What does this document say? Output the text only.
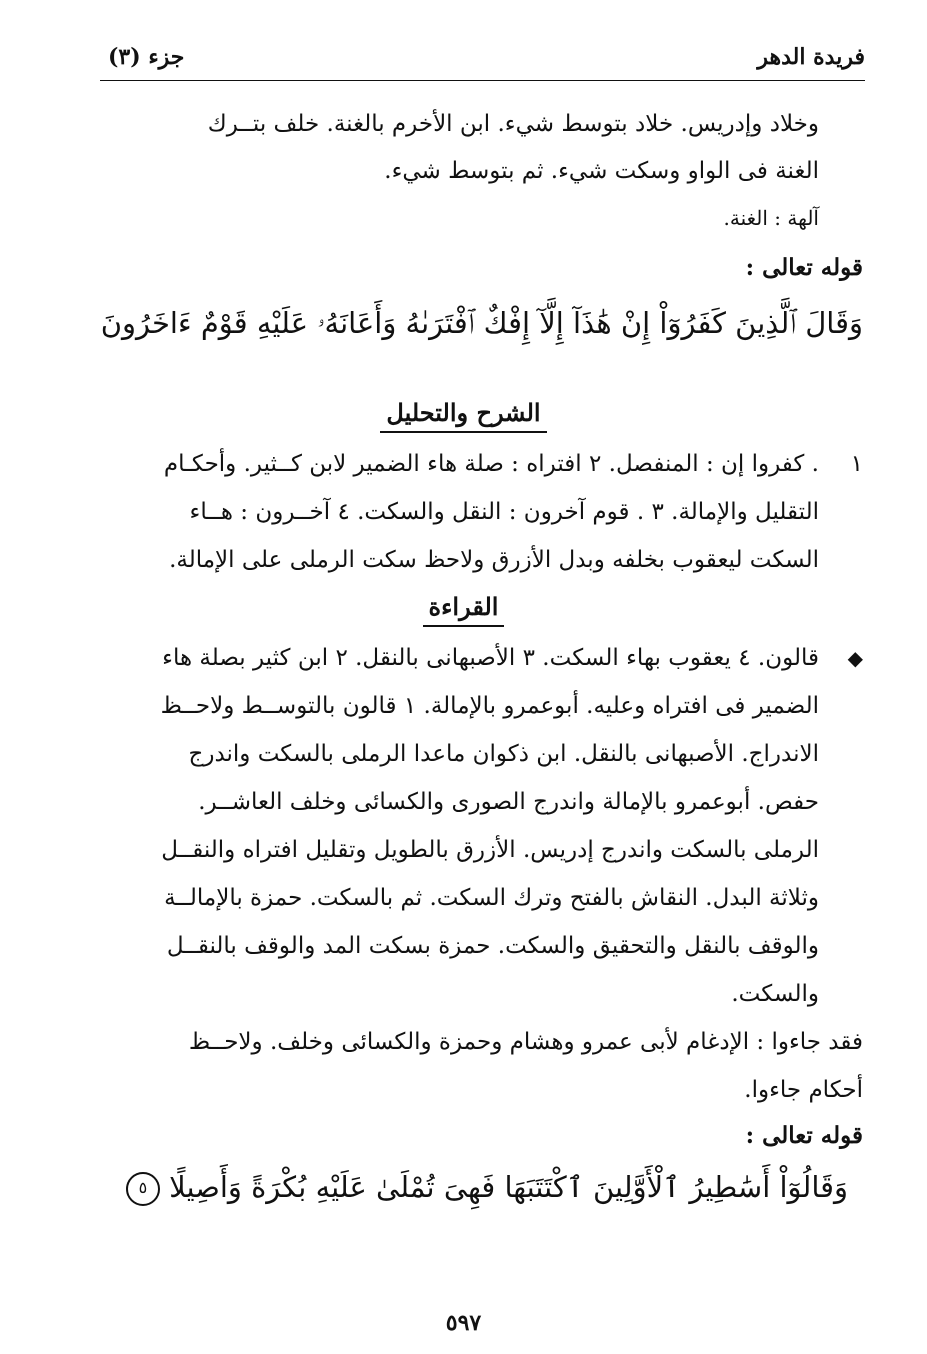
فريدة الدهر
جزء (٣)
وخلاد وإدريس. خلاد بتوسط شيء. ابن الأخرم بالغنة. خلف بتــرك
الغنة فى الواو وسكت شيء. ثم بتوسط شيء.
آلهة : الغنة.
قوله تعالى :
وَقَالَ ٱلَّذِينَ كَفَرُوٓاْ إِنْ هَٰذَآ إِلَّآ إِفْكٌ ٱفْتَرَىٰهُ وَأَعَانَهُۥ عَلَيْهِ قَوْمٌ ءَاخَرُونَ
الشرح والتحليل
١
. كفروا إن : المنفصل. ٢ افتراه : صلة هاء الضمير لابن كــثير. وأحكـام
التقليل والإمالة. ٣ . قوم آخرون : النقل والسكت. ٤ آخــرون : هــاء
السكت ليعقوب بخلفه وبدل الأزرق ولاحظ سكت الرملى على الإمالة.
القراءة
◆
قالون. ٤ يعقوب بهاء السكت. ٣ الأصبهانى بالنقل. ٢ ابن كثير بصلة هاء
الضمير فى افتراه وعليه. أبوعمرو بالإمالة. ١ قالون بالتوســط ولاحــظ
الاندراج. الأصبهانى بالنقل. ابن ذكوان ماعدا الرملى بالسكت واندرج
حفص. أبوعمرو بالإمالة واندرج الصورى والكسائى وخلف العاشــر.
الرملى بالسكت واندرج إدريس. الأزرق بالطويل وتقليل افتراه والنقــل
وثلاثة البدل. النقاش بالفتح وترك السكت. ثم بالسكت. حمزة بالإمالــة
والوقف بالنقل والتحقيق والسكت. حمزة بسكت المد والوقف بالنقــل
والسكت.
فقد جاءوا : الإدغام لأبى عمرو وهشام وحمزة والكسائى وخلف. ولاحــظ
أحكام جاءوا.
قوله تعالى :
وَقَالُوٓاْ أَسَٰطِيرُ ٱلْأَوَّلِينَ ٱكْتَتَبَهَا فَهِىَ تُمْلَىٰ عَلَيْهِ بُكْرَةً وَأَصِيلًا ٥
٥٩٧
